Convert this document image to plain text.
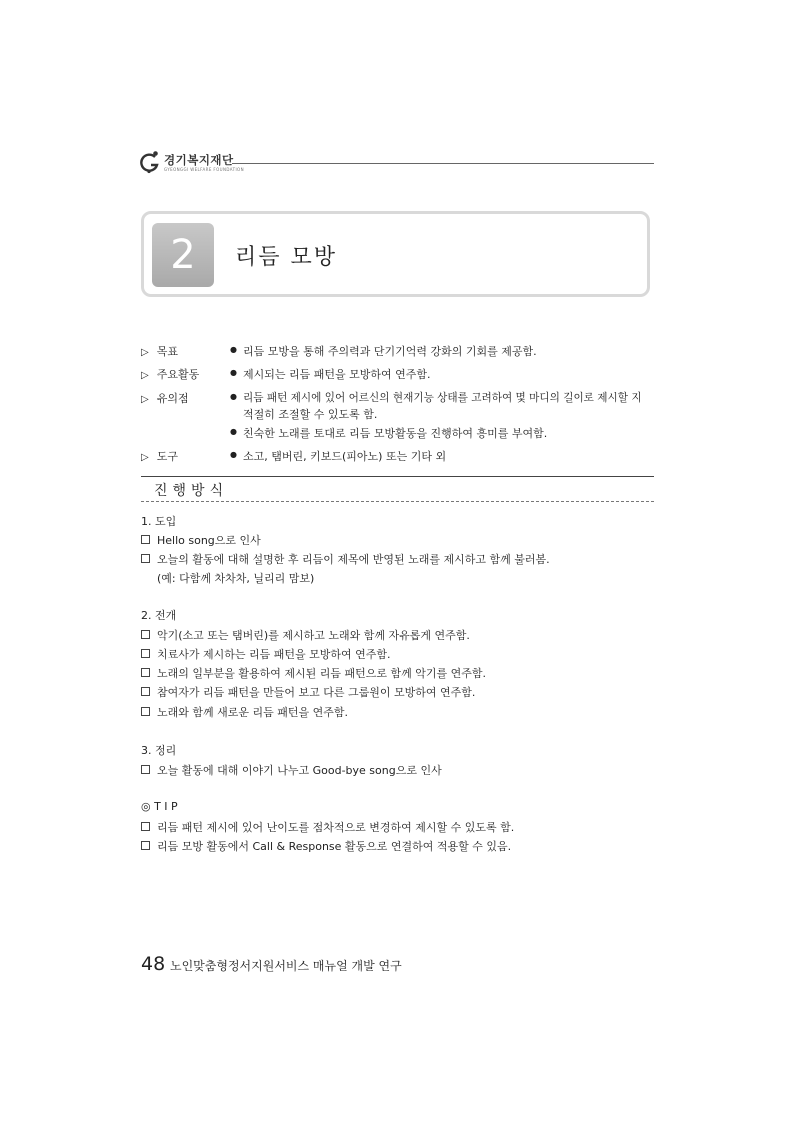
경기복지재단
GYEONGGI WELFARE FOUNDATION
2	리듬 모방
▷ 목표	● 리듬 모방을 통해 주의력과 단기기억력 강화의 기회를 제공함.
▷ 주요활동	● 제시되는 리듬 패턴을 모방하여 연주함.
▷ 유의점	● 리듬 패턴 제시에 있어 어르신의 현재기능 상태를 고려하여 몇 마디의 길이로 제시할 지
적절히 조절할 수 있도록 함.
● 친숙한 노래를 토대로 리듬 모방활동을 진행하여 흥미를 부여함.
▷ 도구	● 소고, 탬버린, 키보드(피아노) 또는 기타 외
진행방식
1. 도입
Hello song으로 인사
오늘의 활동에 대해 설명한 후 리듬이 제목에 반영된 노래를 제시하고 함께 불러봄.
(예: 다함께 차차차, 닐리리 맘보)
2. 전개
악기(소고 또는 탬버린)를 제시하고 노래와 함께 자유롭게 연주함.
치료사가 제시하는 리듬 패턴을 모방하여 연주함.
노래의 일부분을 활용하여 제시된 리듬 패턴으로 함께 악기를 연주함.
참여자가 리듬 패턴을 만들어 보고 다른 그룹원이 모방하여 연주함.
노래와 함께 새로운 리듬 패턴을 연주함.
3. 정리
오늘 활동에 대해 이야기 나누고 Good-bye song으로 인사
◎ T I P
리듬 패턴 제시에 있어 난이도를 점차적으로 변경하여 제시할 수 있도록 함.
리듬 모방 활동에서 Call & Response 활동으로 연결하여 적용할 수 있음.
48 노인맞춤형정서지원서비스 매뉴얼 개발 연구
